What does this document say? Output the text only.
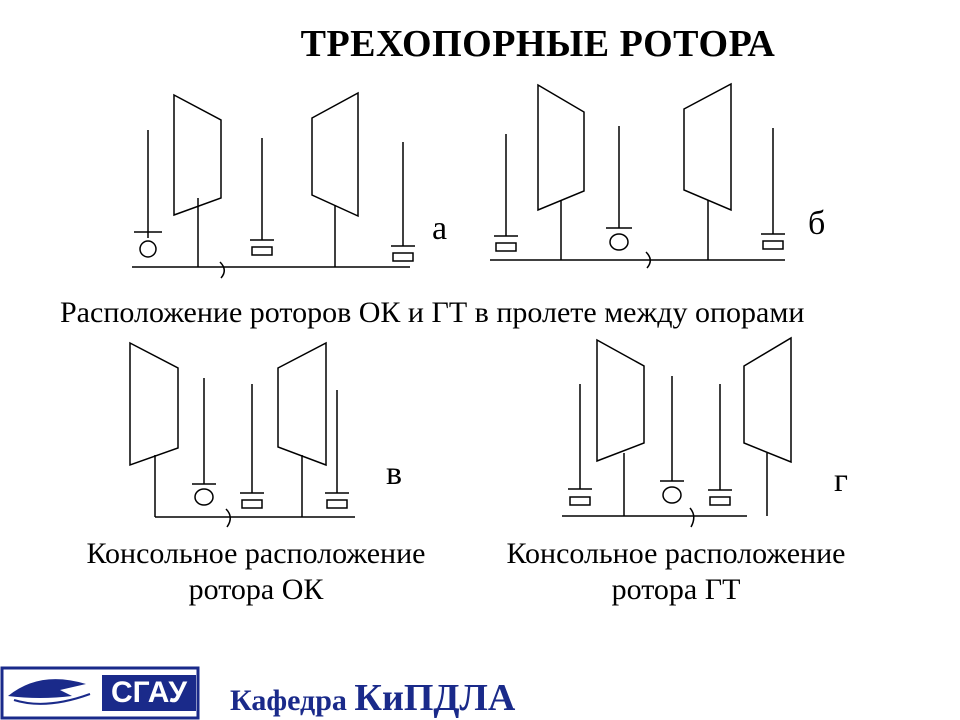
ТРЕХОПОРНЫЕ РОТОРА
а	б
в	г
Расположение роторов ОК и ГТ в пролете между опорами
Консольное расположение
ротора ОК
Консольное расположение
ротора ГТ
СГАУ	Кафедра КиПДЛА
